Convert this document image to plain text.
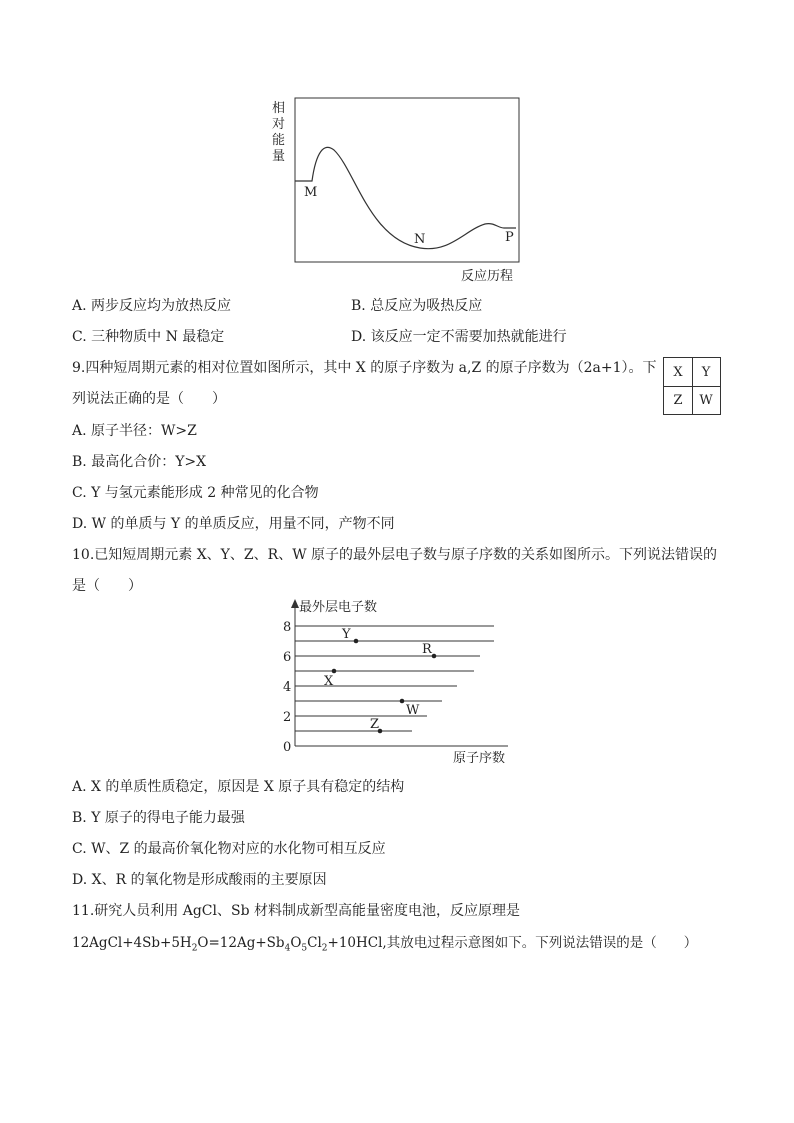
相
对
能
量
M
N	P
反应历程
A. 两步反应均为放热反应	B. 总反应为吸热反应
C. 三种物质中 N 最稳定	D. 该反应一定不需要加热就能进行
9.四种短周期元素的相对位置如图所示，其中 X 的原子序数为 a,Z 的原子序数为（2a+1）。下
列说法正确的是（　　）
X	Y
Z	W
A. 原子半径：W>Z
B. 最高化合价：Y>X
C. Y 与氢元素能形成 2 种常见的化合物
D. W 的单质与 Y 的单质反应，用量不同，产物不同
10.已知短周期元素 X、Y、Z、R、W 原子的最外层电子数与原子序数的关系如图所示。下列说法错误的
是（　　）
最外层电子数
原子序数
0
2
4
6
8	Y
R
X
W
Z
A. X 的单质性质稳定，原因是 X 原子具有稳定的结构
B. Y 原子的得电子能力最强
C. W、Z 的最高价氧化物对应的水化物可相互反应
D. X、R 的氧化物是形成酸雨的主要原因
11.研究人员利用 AgCl、Sb 材料制成新型高能量密度电池，反应原理是
$12AgCl+4Sb+5H_2O=12Ag+Sb_4O_5Cl_2+10HCl$,其放电过程示意图如下。下列说法错误的是（　　）
